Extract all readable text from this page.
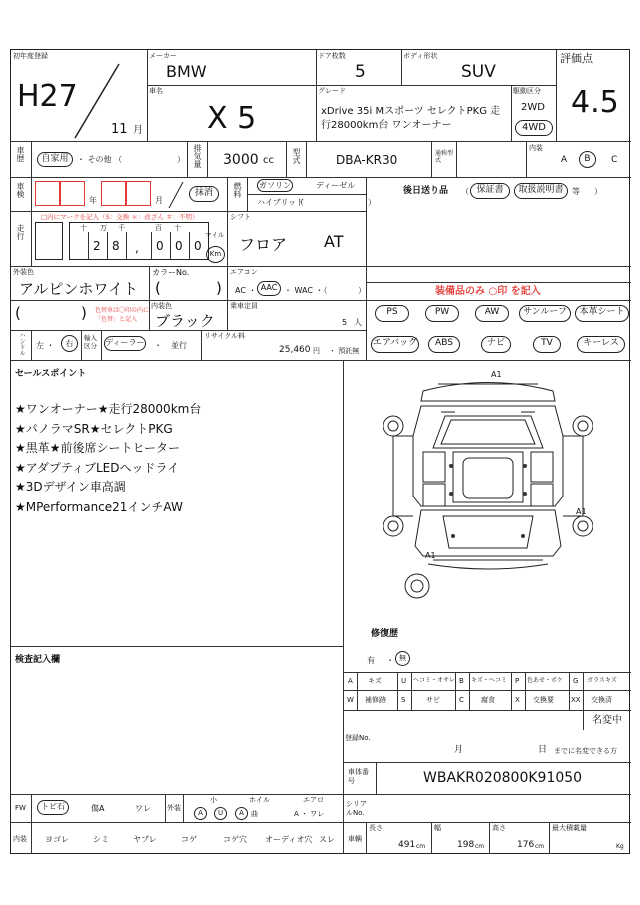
初年度登録
H27
11 月
メーカー
BMW
ドア枚数
5
ボディ形状
SUV
評価点
4.5
車名
X 5
グレード
xDrive 35i Mスポーツ セレクトPKG 走
行28000km台 ワンオーナー
駆動区分
2WD
4WD
車歴	自家用	・ その他 （	） 排気量 3000 cc 型式	DBA-KR30	通称型式
内装
A	B	C
車検
年	月
抹消	燃料 ガソリン	ディーゼル
ハイブリッド
（　　　　　　　　）
後日送り品 （ 保証書	取扱説明書	等 ）
走行
□内にマークを記入（S：交換 ＊：改ざん ＃：不明）
十 万 千	百 十
2 8 , 0 0 0
マイル
Km
シフト
フロア AT
外装色
アルピンホワイト
カラーNo.
(	)
エアコン
AC ・ AAC ・ WAC ・（	）	装備品のみ ○印 を記入
(	) 色替車は〇印の内に
「色替」と記入
内装色
ブラック
乗車定員
5 人
PS	PW	AW	サンルーフ	本革シート
ハンドル 左 ・	右
輸入区分 ディーラー ・ 並行
リサイクル料
25,460 円 ・ 預託無
エアバッグ	ABS	ナビ	TV	キーレス
セールスポイント
★ワンオーナー★走行28000km台
★パノラマSR★セレクトPKG
★黒革★前後席シートヒーター
★アダプティブLEDヘッドライ
★3Dデザイン車高調
★MPerformance21インチAW
A1
A1
A1
修復歴
有 ・ 無
検査記入欄
A キズ	U ヘコミ・オサレ B キズ・ヘコミ P 色あせ・ボケ G ガラスキズ
W 補修跡 S	サビ	C 腐食	X 交換要 XX 交換済
名変中
登録No.
月	日 までに名変できる方
車体番号	WBAKR020800K91050
FW	トビ石	傷A	ワレ 外装
小	ホイル	エアロ
A	U	A	曲	A ・ ワレ
シリアルNo.
内装 ヨゴレ	シミ	ヤブレ	コゲ	コゲ穴 オーディオ穴 スレ 車輌
長さ
491 cm
幅
198 cm
高さ
176 cm
最大積載量
Kg
